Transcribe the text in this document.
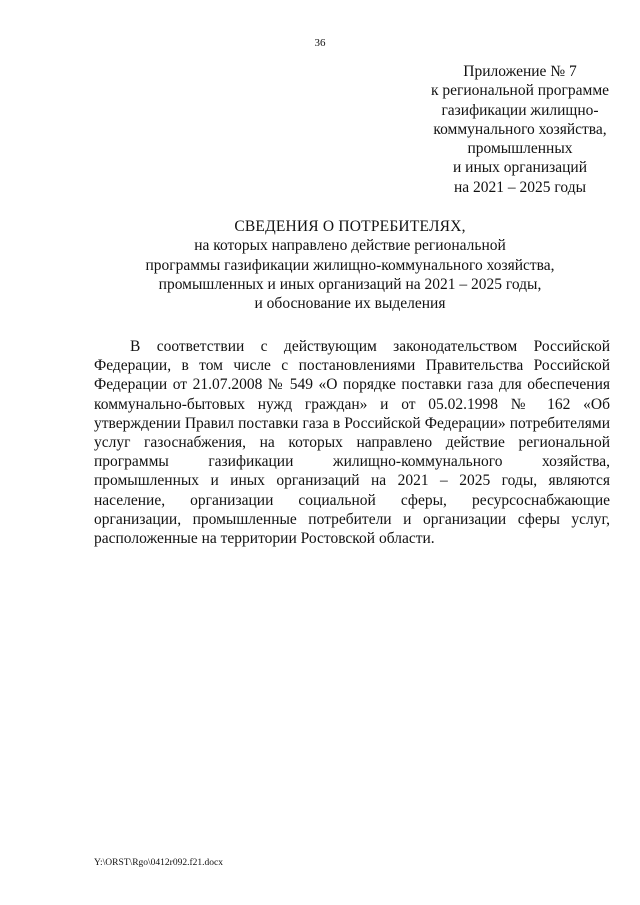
36
Приложение № 7
к региональной программе
газификации жилищно-
коммунального хозяйства,
промышленных
и иных организаций
на 2021 – 2025 годы
СВЕДЕНИЯ О ПОТРЕБИТЕЛЯХ,
на которых направлено действие региональной
программы газификации жилищно-коммунального хозяйства,
промышленных и иных организаций на 2021 – 2025 годы,
и обоснование их выделения

В соответствии с действующим законодательством Российской Федерации, в том числе с постановлениями Правительства Российской Федерации от 21.07.2008 № 549 «О порядке поставки газа для обеспечения коммунально-бытовых нужд граждан» и от 05.02.1998 № 162 «Об утверждении Правил поставки газа в Российской Федерации» потребителями услуг газоснабжения, на которых направлено действие региональной программы газификации жилищно-коммунального хозяйства, промышленных и иных организаций на 2021 – 2025 годы, являются население, организации социальной сферы, ресурсоснабжающие организации, промышленные потребители и организации сферы услуг, расположенные на территории Ростовской области.

Y:\ORST\Rgo\0412r092.f21.docx
